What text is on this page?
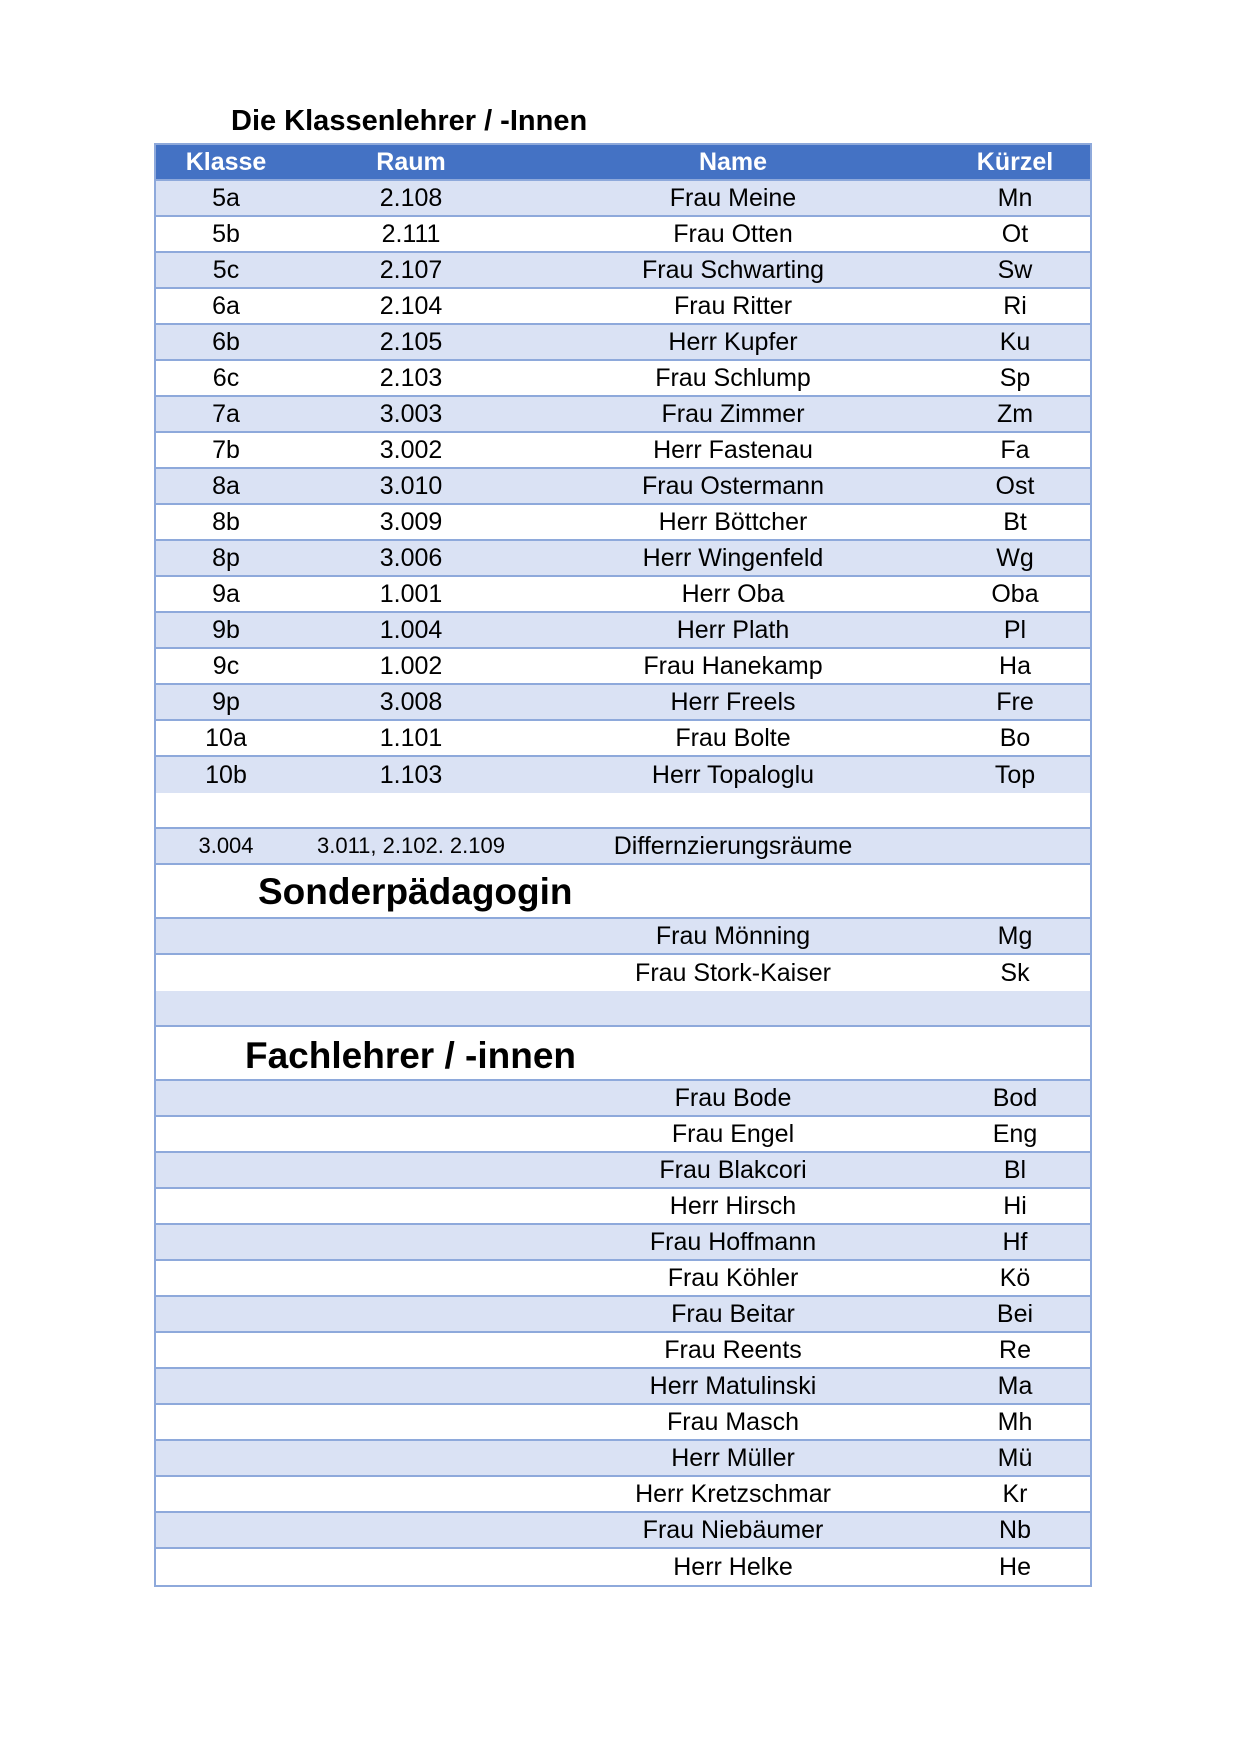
Die Klassenlehrer / -Innen
Klasse	Raum	Name	Kürzel
5a	2.108	Frau Meine	Mn
5b	2.111	Frau Otten	Ot
5c	2.107	Frau Schwarting	Sw
6a	2.104	Frau Ritter	Ri
6b	2.105	Herr Kupfer	Ku
6c	2.103	Frau Schlump	Sp
7a	3.003	Frau Zimmer	Zm
7b	3.002	Herr Fastenau	Fa
8a	3.010	Frau Ostermann	Ost
8b	3.009	Herr Böttcher	Bt
8p	3.006	Herr Wingenfeld	Wg
9a	1.001	Herr Oba	Oba
9b	1.004	Herr Plath	Pl
9c	1.002	Frau Hanekamp	Ha
9p	3.008	Herr Freels	Fre
10a	1.101	Frau Bolte	Bo
10b	1.103	Herr Topaloglu	Top
3.004	3.011, 2.102. 2.109	Differnzierungsräume
Sonderpädagogin
Frau Mönning	Mg
Frau Stork-Kaiser	Sk
Fachlehrer / -innen
Frau Bode	Bod
Frau Engel	Eng
Frau Blakcori	Bl
Herr Hirsch	Hi
Frau Hoffmann	Hf
Frau Köhler	Kö
Frau Beitar	Bei
Frau Reents	Re
Herr Matulinski	Ma
Frau Masch	Mh
Herr Müller	Mü
Herr Kretzschmar	Kr
Frau Niebäumer	Nb
Herr Helke	He
